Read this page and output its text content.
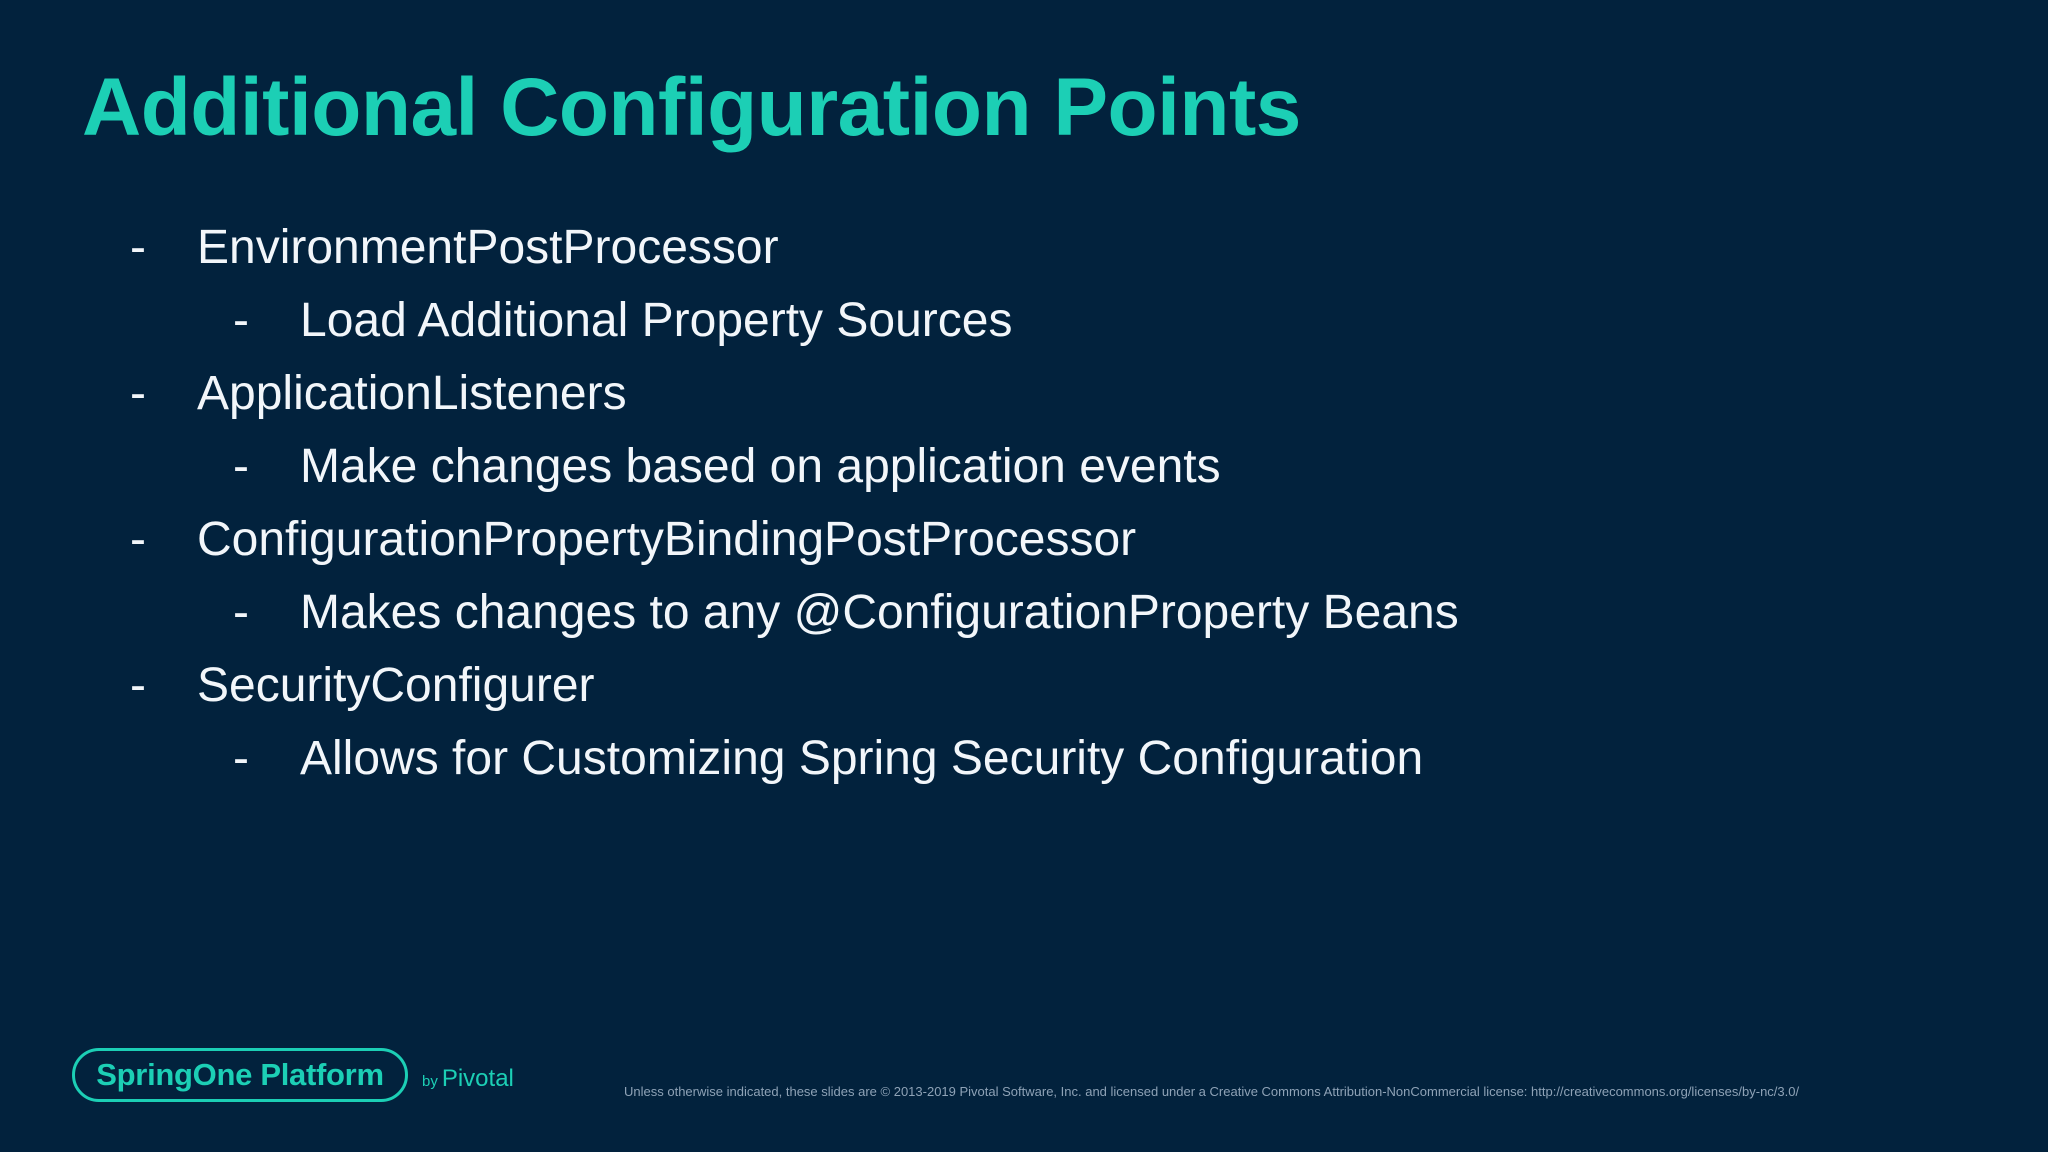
Additional Configuration Points
- EnvironmentPostProcessor
- Load Additional Property Sources
- ApplicationListeners
- Make changes based on application events
- ConfigurationPropertyBindingPostProcessor
- Makes changes to any @ConfigurationProperty Beans
- SecurityConfigurer
- Allows for Customizing Spring Security Configuration
SpringOne Platform	by Pivotal	Unless otherwise indicated, these slides are © 2013-2019 Pivotal Software, Inc. and licensed under a Creative Commons Attribution-NonCommercial license: http://creativecommons.org/licenses/by-nc/3.0/
